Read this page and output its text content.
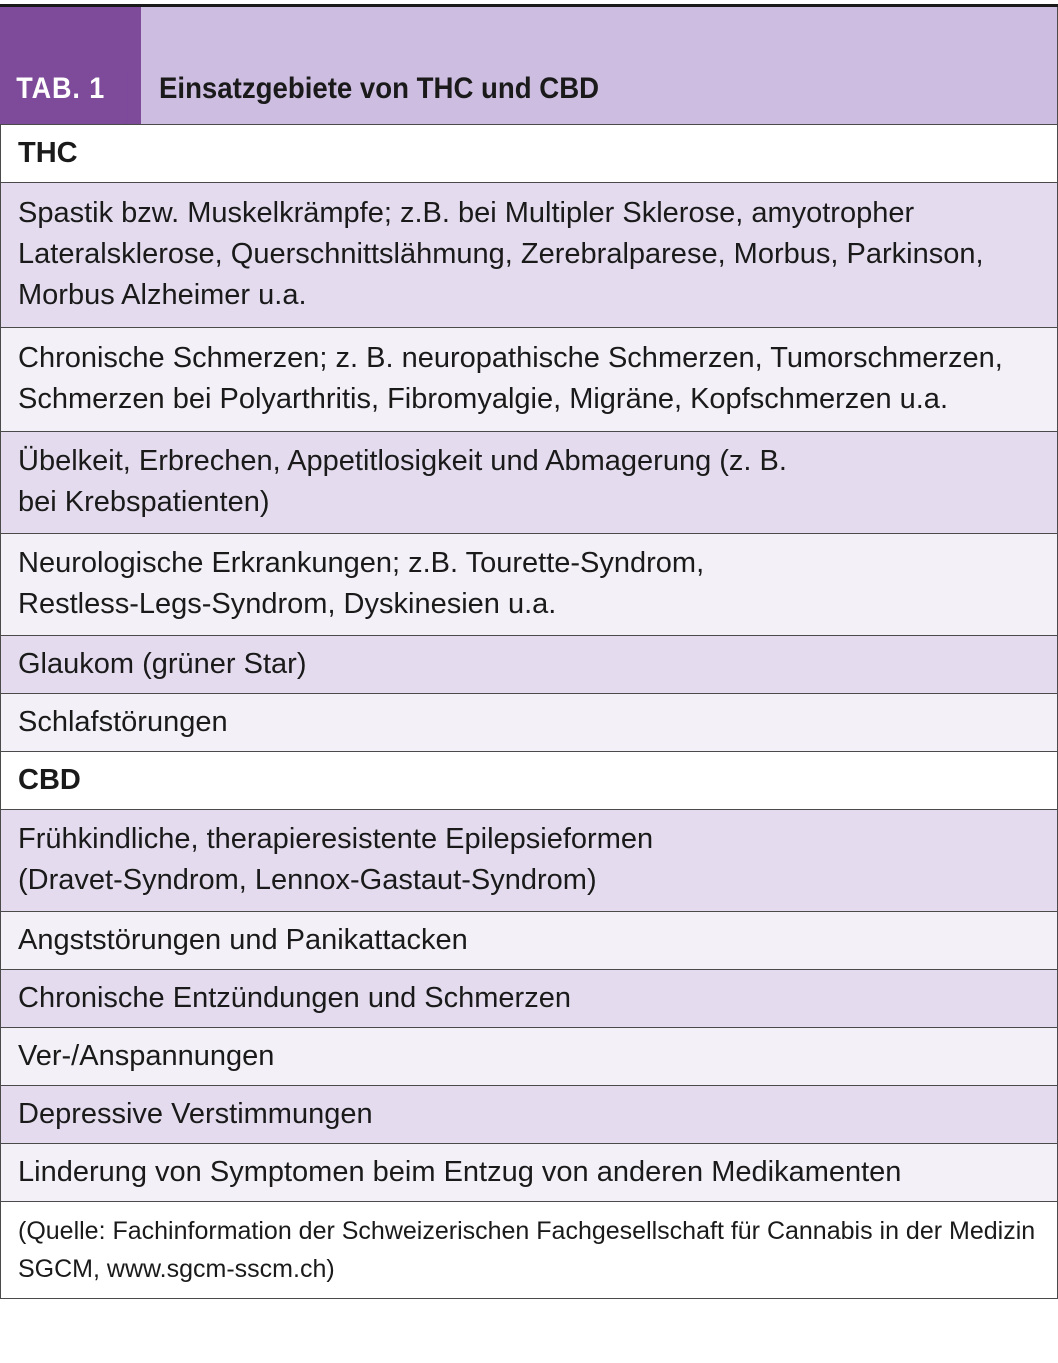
TAB. 1	Einsatzgebiete von THC und CBD
THC
Spastik bzw. Muskelkrämpfe; z.B. bei Multipler Sklerose, amyotropher Lateralsklerose, Querschnittslähmung, Zerebralparese, Morbus, Parkinson, Morbus Alzheimer u.a.
Chronische Schmerzen; z. B. neuropathische Schmerzen, Tumorschmerzen, Schmerzen bei Polyarthritis, Fibromyalgie, Migräne, Kopfschmerzen u.a.
Übelkeit, Erbrechen, Appetitlosigkeit und Abmagerung (z. B. bei Krebspatienten)
Neurologische Erkrankungen; z.B. Tourette-Syndrom, Restless-Legs-Syndrom, Dyskinesien u.a.
Glaukom (grüner Star)
Schlafstörungen
CBD
Frühkindliche, therapieresistente Epilepsieformen (Dravet-Syndrom, Lennox-Gastaut-Syndrom)
Angststörungen und Panikattacken
Chronische Entzündungen und Schmerzen
Ver-/Anspannungen
Depressive Verstimmungen
Linderung von Symptomen beim Entzug von anderen Medikamenten
(Quelle: Fachinformation der Schweizerischen Fachgesellschaft für Cannabis in der Medizin SGCM, www.sgcm-sscm.ch)
